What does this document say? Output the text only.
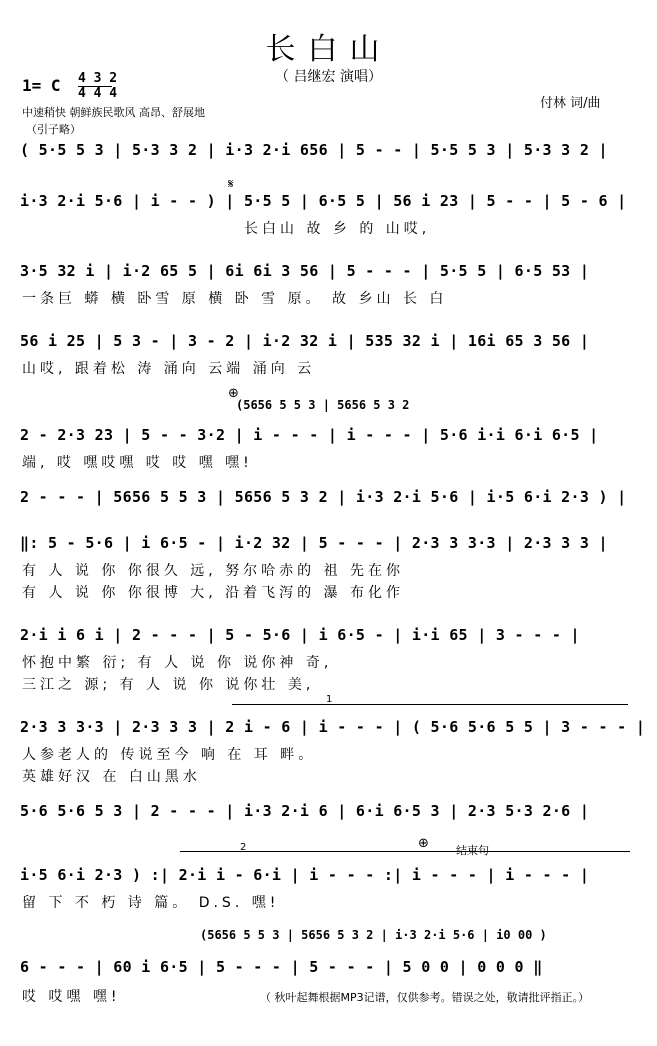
长白山
（ 吕继宏 演唱）
1= C 4 3 2
4 4 4
中速稍快 朝鲜族民歌风 高昂、舒展地
（引子略）
付林 词/曲
( 5·5 5 3 | 5·3 3 2 | i·3 2·i 656 | 5 - - | 5·5 5 3 | 5·3 3 2 |
𝄋
i·3 2·i 5·6 | i - - ) | 5·5 5 | 6·5 5 | 56 i 23 | 5 - - | 5 - 6 |
长白山 故 乡 的 山哎,
3·5 32 i | i·2 65 5 | 6i 6i 3 56 | 5 - - - | 5·5 5 | 6·5 53 |
一条巨 蟒 横 卧雪 原 横 卧 雪 原。 故 乡山 长 白
56 i 25 | 5 3 - | 3 - 2 | i·2 32 i | 535 32 i | 16i 65 3 56 |
山哎, 跟着松 涛 涌向 云端 涌向 云
⊕
(5656 5 5 3 | 5656 5 3 2
2 - 2·3 23 | 5 - - 3·2 | i - - - | i - - - | 5·6 i·i 6·i 6·5 |
端, 哎 嘿哎嘿 哎 哎 嘿 嘿!
2 - - - | 5656 5 5 3 | 5656 5 3 2 | i·3 2·i 5·6 | i·5 6·i 2·3 ) |
‖: 5 - 5·6 | i 6·5 - | i·2 32 | 5 - - - | 2·3 3 3·3 | 2·3 3 3 |
有 人 说 你 你很久 远, 努尔哈赤的 祖 先在你
有 人 说 你 你很博 大, 沿着飞泻的 瀑 布化作
2·i i 6 i | 2 - - - | 5 - 5·6 | i 6·5 - | i·i 65 | 3 - - - |
怀抱中繁 衍; 有 人 说 你 说你神 奇,
三江之 源; 有 人 说 你 说你壮 美,
1
2·3 3 3·3 | 2·3 3 3 | 2 i - 6 | i - - - | ( 5·6 5·6 5 5 | 3 - - - |
人参老人的 传说至今 响 在 耳 畔。
英雄好汉 在 白山黑水
5·6 5·6 5 3 | 2 - - - | i·3 2·i 6 | 6·i 6·5 3 | 2·3 5·3 2·6 |
2	⊕ 结束句
i·5 6·i 2·3 ) :| 2·i i - 6·i | i - - - :| i - - - | i - - - |
留 下 不 朽 诗 篇。 D.S. 嘿!
(5656 5 5 3 | 5656 5 3 2 | i·3 2·i 5·6 | i0 00 )
6 - - - | 60 i 6·5 | 5 - - - | 5 - - - | 5 0 0 | 0 0 0 ‖
哎 哎嘿 嘿!	（ 秋叶起舞根据MP3记谱，仅供参考。错误之处，敬请批评指正。）
